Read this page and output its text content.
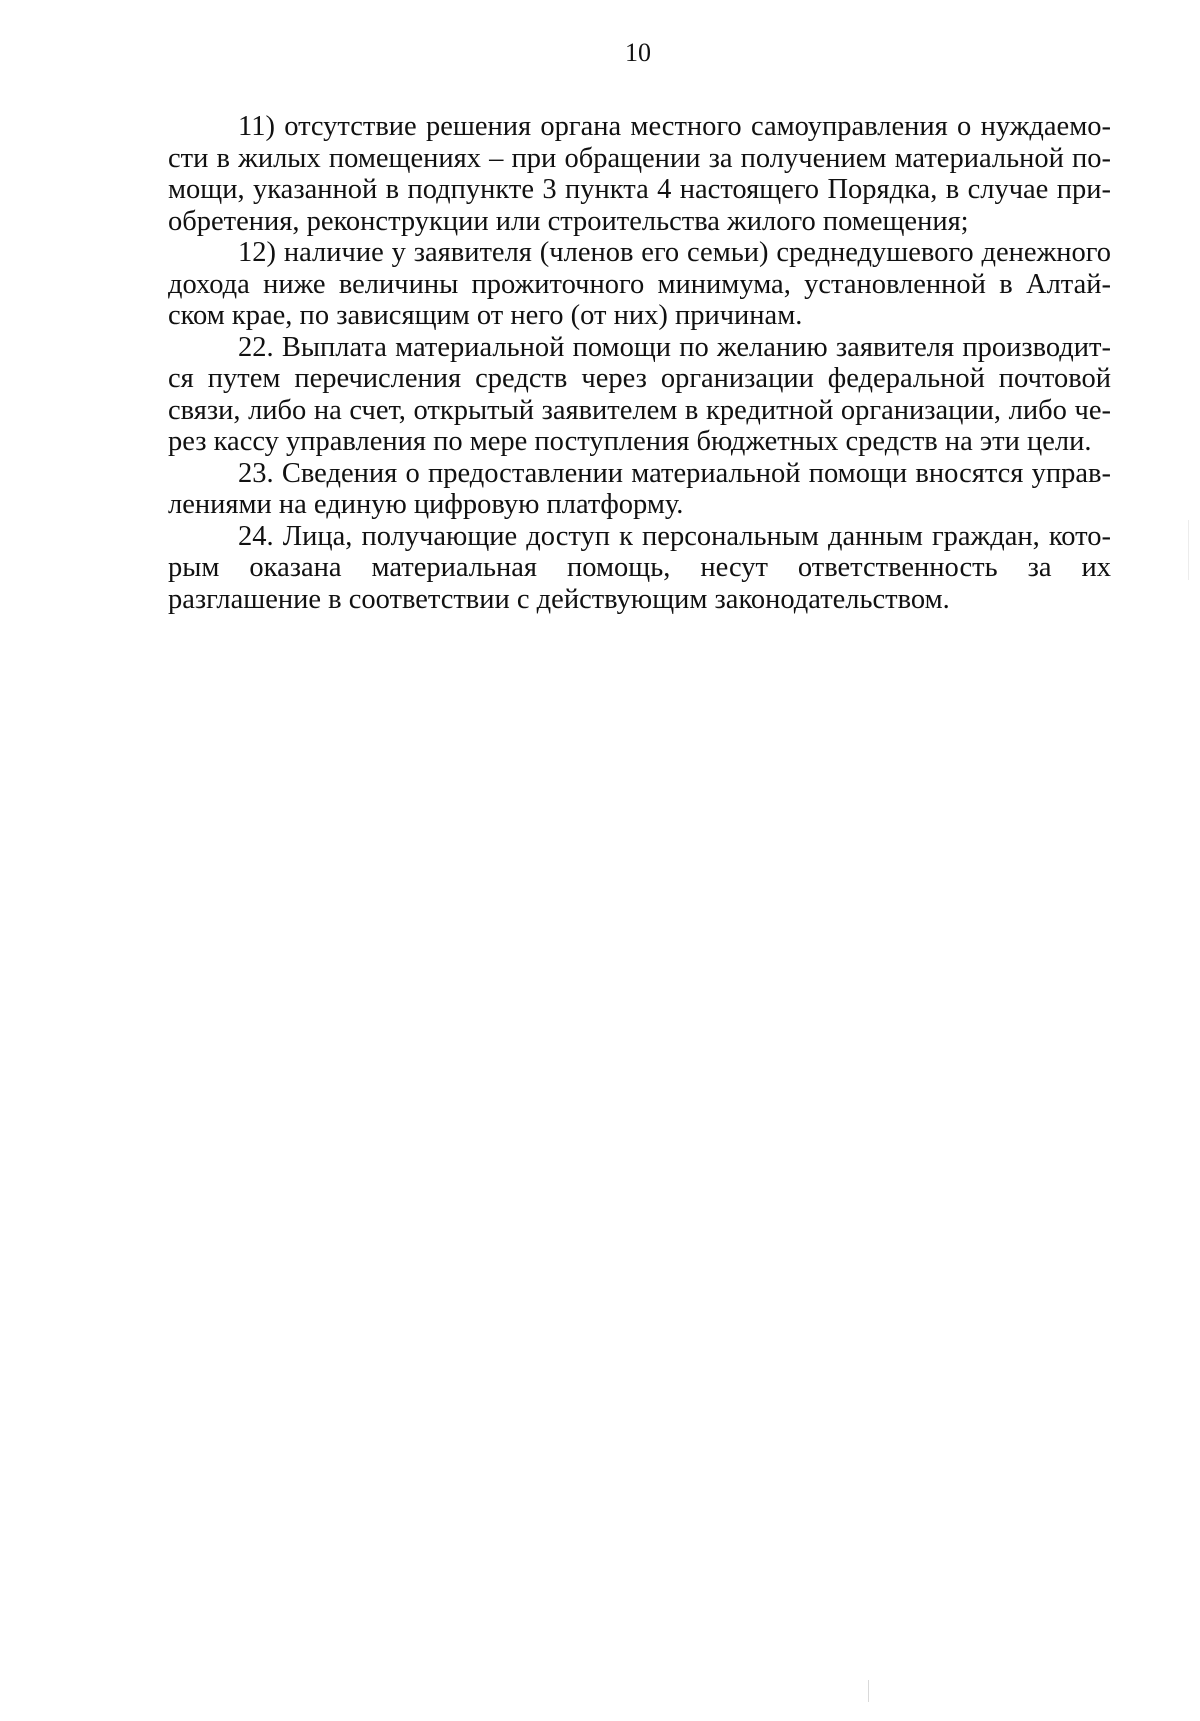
10

11) отсутствие решения органа местного самоуправления о нуждаемости в жилых помещениях – при обращении за получением материальной помощи, указанной в подпункте 3 пункта 4 настоящего Порядка, в случае приобретения, реконструкции или строительства жилого помещения;

12) наличие у заявителя (членов его семьи) среднедушевого денежного дохода ниже величины прожиточного минимума, установленной в Алтайском крае, по зависящим от него (от них) причинам.

22. Выплата материальной помощи по желанию заявителя производится путем перечисления средств через организации федеральной почтовой связи, либо на счет, открытый заявителем в кредитной организации, либо через кассу управления по мере поступления бюджетных средств на эти цели.

23. Сведения о предоставлении материальной помощи вносятся управлениями на единую цифровую платформу.

24. Лица, получающие доступ к персональным данным граждан, которым оказана материальная помощь, несут ответственность за их разглашение в соответствии с действующим законодательством.
